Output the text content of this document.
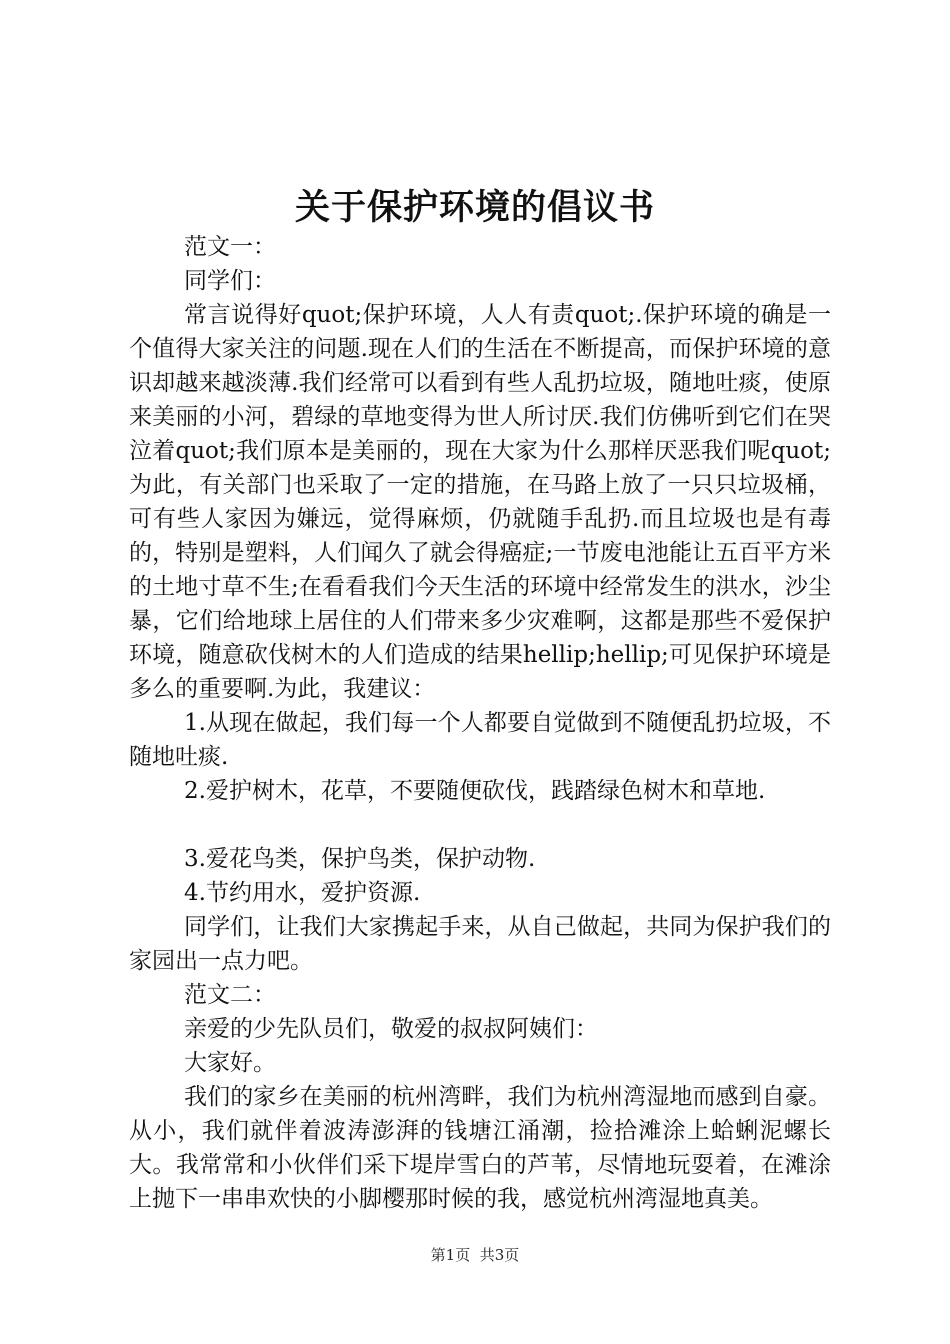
关于保护环境的倡议书

范文一：

同学们：

常言说得好quot;保护环境，人人有责quot;.保护环境的确是一个值得大家关注的问题.现在人们的生活在不断提高，而保护环境的意识却越来越淡薄.我们经常可以看到有些人乱扔垃圾，随地吐痰，使原来美丽的小河，碧绿的草地变得为世人所讨厌.我们仿佛听到它们在哭泣着quot;我们原本是美丽的，现在大家为什么那样厌恶我们呢quot;为此，有关部门也采取了一定的措施，在马路上放了一只只垃圾桶，可有些人家因为嫌远，觉得麻烦，仍就随手乱扔.而且垃圾也是有毒的，特别是塑料，人们闻久了就会得癌症;一节废电池能让五百平方米的土地寸草不生;在看看我们今天生活的环境中经常发生的洪水，沙尘暴，它们给地球上居住的人们带来多少灾难啊，这都是那些不爱保护环境，随意砍伐树木的人们造成的结果hellip;hellip;可见保护环境是多么的重要啊.为此，我建议：

1.从现在做起，我们每一个人都要自觉做到不随便乱扔垃圾，不随地吐痰.

2.爱护树木，花草，不要随便砍伐，践踏绿色树木和草地.

3.爱花鸟类，保护鸟类，保护动物.

4.节约用水，爱护资源.

同学们，让我们大家携起手来，从自己做起，共同为保护我们的家园出一点力吧。

范文二：

亲爱的少先队员们，敬爱的叔叔阿姨们：

大家好。

我们的家乡在美丽的杭州湾畔，我们为杭州湾湿地而感到自豪。从小，我们就伴着波涛澎湃的钱塘江涌潮，捡拾滩涂上蛤蜊泥螺长大。我常常和小伙伴们采下堤岸雪白的芦苇，尽情地玩耍着，在滩涂上抛下一串串欢快的小脚樱那时候的我，感觉杭州湾湿地真美。

第1页 共3页
